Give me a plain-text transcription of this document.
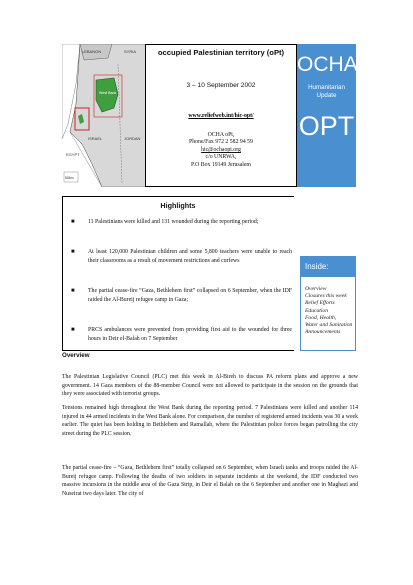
LEBANON	SYRIA
West Bank
Gaza
ISRAEL	JORDAN
EGYPT
50km
occupied Palestinian territory (oPt)
3 – 10 September 2002
www.reliefweb.int/hic-opt/
OCHA oPt,
Phone/Fax 972 2 582 94 59
hic@ochaopt.org
c/o UNRWA,
P.O Box 19149 Jerusalem
OCHA
Humanitarian
Update
OPT
Highlights
■ 11 Palestinians were killed and 131 wounded during the reporting period;
■ At least 120,000 Palestinian children and some 5,800 teachers were unable to reach their classrooms as a result of movement restrictions and curfews
■ The partial cease-fire “Gaza, Bethlehem first” collapsed on 6 September, when the IDF raided the Al-Bureij refugee camp in Gaza;
■ PRCS ambulances were prevented from providing first aid to the wounded for three hours in Deir el-Balah on 7 September
Inside:
Overview
Closures this week
Relief Efforts
Education
Food, Health,
Water and Sanitation
Announcements
Overview

The Palestinian Legislative Council (PLC) met this week in Al-Bireh to discuss PA reform plans and approve a new government. 14 Gaza members of the 88-member Council were not allowed to participate in the session on the grounds that they were associated with terrorist groups.

Tensions remained high throughout the West Bank during the reporting period. 7 Palestinians were killed and another 114 injured in 44 armed incidents in the West Bank alone. For comparison, the number of registered armed incidents was 30 a week earlier. The quiet has been holding in Bethlehem and Ramallah, where the Palestinian police forces began patrolling the city street during the PLC session.

The partial cease-fire – “Gaza, Bethlehem first” totally collapsed on 6 September, when Israeli tanks and troops raided the Al-Bureij refugee camp. Following the deaths of two soldiers in separate incidents at the weekend, the IDF conducted two massive incursions in the middle area of the Gaza Strip, in Deir el Balah on the 6 September and another one in Maghazi and Nuseirat two days later. The city of
